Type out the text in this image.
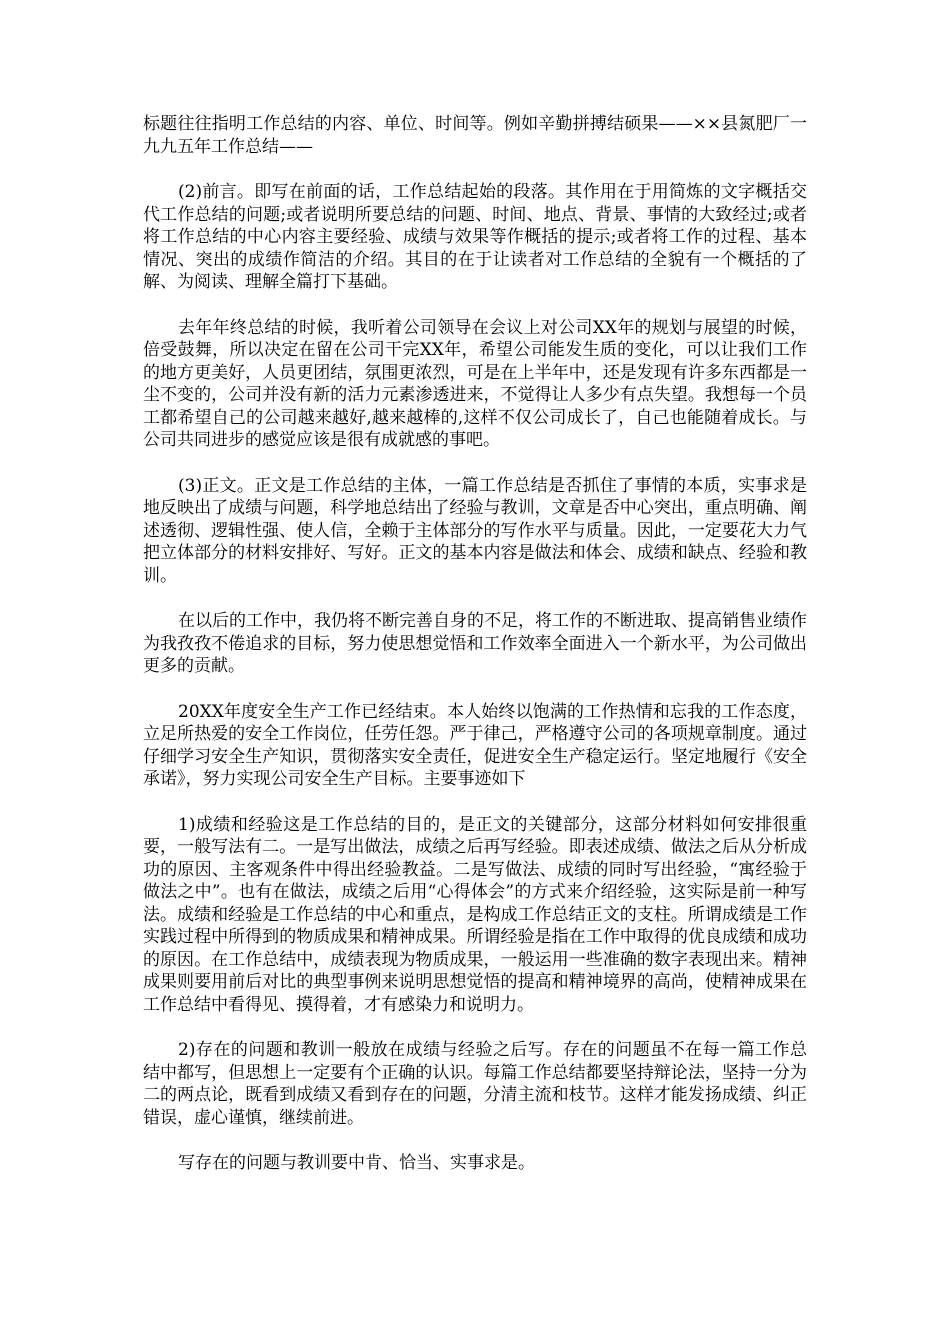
标题往往指明工作总结的内容、单位、时间等。例如辛勤拼搏结硕果——××县氮肥厂一九九五年工作总结——

(2)前言。即写在前面的话，工作总结起始的段落。其作用在于用简炼的文字概括交代工作总结的问题;或者说明所要总结的问题、时间、地点、背景、事情的大致经过;或者将工作总结的中心内容主要经验、成绩与效果等作概括的提示;或者将工作的过程、基本情况、突出的成绩作简洁的介绍。其目的在于让读者对工作总结的全貌有一个概括的了解、为阅读、理解全篇打下基础。

去年年终总结的时候，我听着公司领导在会议上对公司XX年的规划与展望的时候，倍受鼓舞，所以决定在留在公司干完XX年，希望公司能发生质的变化，可以让我们工作的地方更美好，人员更团结，氛围更浓烈，可是在上半年中，还是发现有许多东西都是一尘不变的，公司并没有新的活力元素渗透进来，不觉得让人多少有点失望。我想每一个员工都希望自己的公司越来越好,越来越棒的,这样不仅公司成长了，自己也能随着成长。与公司共同进步的感觉应该是很有成就感的事吧。

(3)正文。正文是工作总结的主体，一篇工作总结是否抓住了事情的本质，实事求是地反映出了成绩与问题，科学地总结出了经验与教训，文章是否中心突出，重点明确、阐述透彻、逻辑性强、使人信，全赖于主体部分的写作水平与质量。因此，一定要花大力气把立体部分的材料安排好、写好。正文的基本内容是做法和体会、成绩和缺点、经验和教训。

在以后的工作中，我仍将不断完善自身的不足，将工作的不断进取、提高销售业绩作为我孜孜不倦追求的目标，努力使思想觉悟和工作效率全面进入一个新水平，为公司做出更多的贡献。

20XX年度安全生产工作已经结束。本人始终以饱满的工作热情和忘我的工作态度，立足所热爱的安全工作岗位，任劳任怨。严于律己，严格遵守公司的各项规章制度。通过仔细学习安全生产知识，贯彻落实安全责任，促进安全生产稳定运行。坚定地履行《安全承诺》，努力实现公司安全生产目标。主要事迹如下

1)成绩和经验这是工作总结的目的，是正文的关键部分，这部分材料如何安排很重要，一般写法有二。一是写出做法，成绩之后再写经验。即表述成绩、做法之后从分析成功的原因、主客观条件中得出经验教益。二是写做法、成绩的同时写出经验，“寓经验于做法之中”。也有在做法，成绩之后用“心得体会”的方式来介绍经验，这实际是前一种写法。成绩和经验是工作总结的中心和重点，是构成工作总结正文的支柱。所谓成绩是工作实践过程中所得到的物质成果和精神成果。所谓经验是指在工作中取得的优良成绩和成功的原因。在工作总结中，成绩表现为物质成果，一般运用一些准确的数字表现出来。精神成果则要用前后对比的典型事例来说明思想觉悟的提高和精神境界的高尚，使精神成果在工作总结中看得见、摸得着，才有感染力和说明力。

2)存在的问题和教训一般放在成绩与经验之后写。存在的问题虽不在每一篇工作总结中都写，但思想上一定要有个正确的认识。每篇工作总结都要坚持辩论法，坚持一分为二的两点论，既看到成绩又看到存在的问题，分清主流和枝节。这样才能发扬成绩、纠正错误，虚心谨慎，继续前进。

写存在的问题与教训要中肯、恰当、实事求是。
